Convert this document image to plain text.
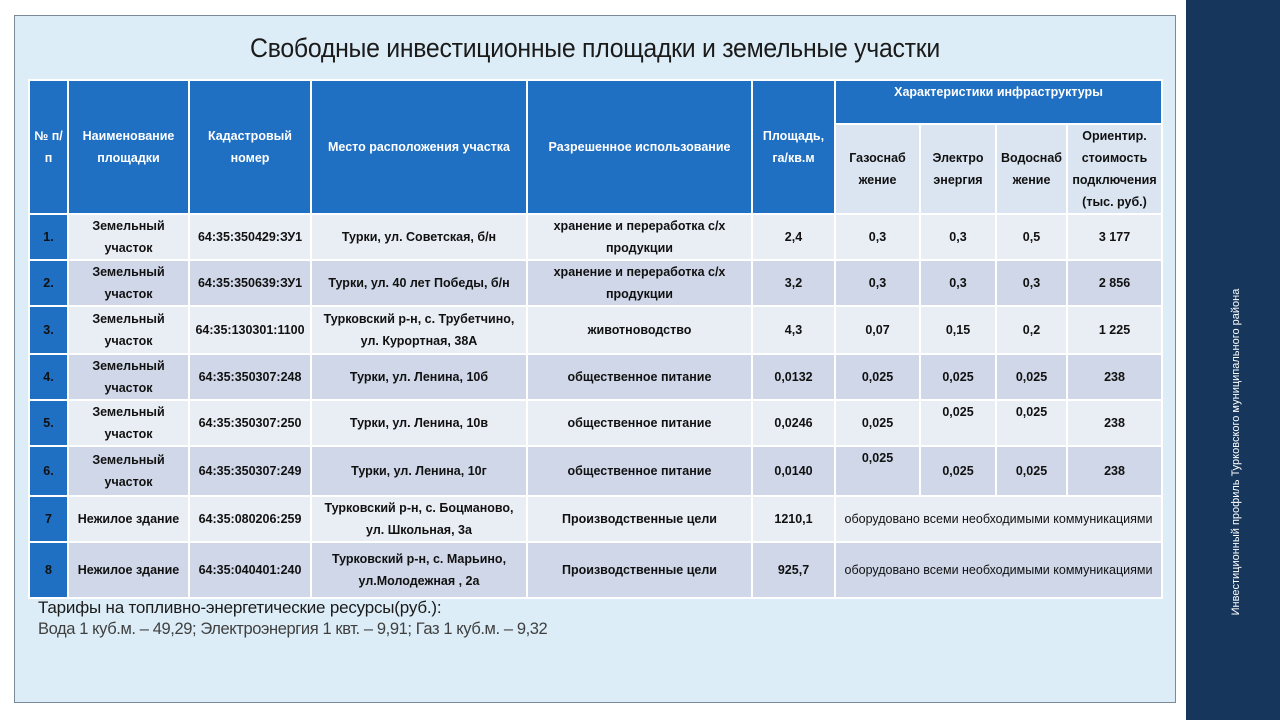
Инвестиционный профиль Турковского муниципального района
Свободные инвестиционные площадки и земельные участки
№ п/п	Наименование площадки	Кадастровый номер	Место расположения участка	Разрешенное использование	Площадь, га/кв.м	Характеристики инфраструктуры			
						Газоснаб жение	Электро энергия	Водоснаб жение	Ориентир. стоимость подключения (тыс. руб.)
1.	Земельный участок	64:35:350429:ЗУ1	Турки, ул. Советская, б/н	хранение и переработка с/х продукции	2,4	0,3	0,3	0,5	3 177
2.	Земельный участок	64:35:350639:ЗУ1	Турки, ул. 40 лет Победы, б/н	хранение и переработка с/х продукции	3,2	0,3	0,3	0,3	2 856
3.	Земельный участок	64:35:130301:1100	Турковский р-н, с. Трубетчино, ул. Курортная, 38А	животноводство	4,3	0,07	0,15	0,2	1 225
4.	Земельный участок	64:35:350307:248	Турки, ул. Ленина, 10б	общественное питание	0,0132	0,025	0,025	0,025	238
5.	Земельный участок	64:35:350307:250	Турки, ул. Ленина, 10в	общественное питание	0,0246	0,025	0,025	0,025	238
6.	Земельный участок	64:35:350307:249	Турки, ул. Ленина, 10г	общественное питание	0,0140	0,025	0,025	0,025	238
7	Нежилое здание	64:35:080206:259	Турковский р-н, с. Боцманово, ул. Школьная, 3а	Производственные цели	1210,1	оборудовано всеми необходимыми коммуникациями			
8	Нежилое здание	64:35:040401:240	Турковский р-н, с. Марьино, ул.Молодежная , 2а	Производственные цели	925,7	оборудовано всеми необходимыми коммуникациями			
Тарифы на топливно-энергетические ресурсы(руб.):
Вода 1 куб.м. – 49,29; Электроэнергия 1 квт. – 9,91; Газ 1 куб.м. – 9,32
